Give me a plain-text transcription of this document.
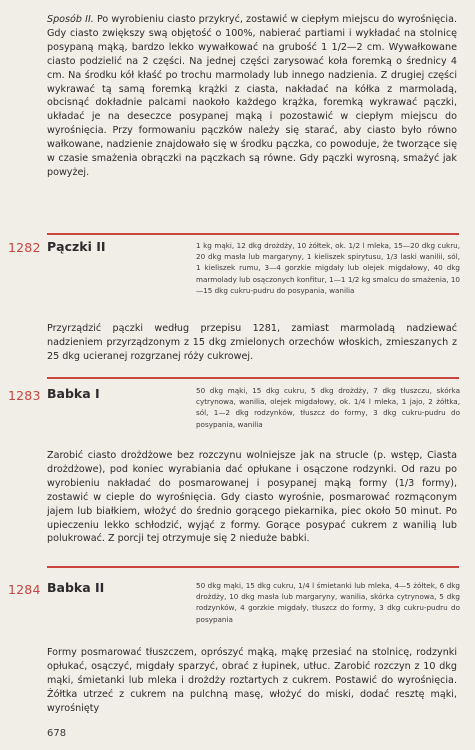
Sposób II. Po wyrobieniu ciasto przykryć, zostawić w ciepłym miejscu do wyrośnięcia. Gdy ciasto zwiększy swą objętość o 100%, nabierać partiami i wykładać na stolnicę posypaną mąką, bardzo lekko wywałkować na grubość 1 1/2—2 cm. Wywałkowane ciasto podzielić na 2 części. Na jednej części zarysować koła foremką o średnicy 4 cm. Na środku kół kłaść po trochu marmolady lub innego nadzienia. Z drugiej części wykrawać tą samą foremką krążki z ciasta, nakładać na kółka z marmoladą, obcisnąć dokładnie palcami naokoło każdego krążka, foremką wykrawać pączki, układać je na deseczce posypanej mąką i pozostawić w ciepłym miejscu do wyrośnięcia. Przy formowaniu pączków należy się starać, aby ciasto było równo wałkowane, nadzienie znajdowało się w środku pączka, co powoduje, że tworzące się w czasie smażenia obrączki na pączkach są równe. Gdy pączki wyrosną, smażyć jak powyżej.

1282 Pączki II	1 kg mąki, 12 dkg drożdży, 10 żółtek, ok. 1/2 l mleka, 15—20 dkg cukru, 20 dkg masła lub margaryny, 1 kieliszek spirytusu, 1/3 laski wanilii, sól, 1 kieliszek rumu, 3—4 gorzkie migdały lub olejek migdałowy, 40 dkg marmolady lub osączonych konfitur, 1—1 1/2 kg smalcu do smażenia, 10—15 dkg cukru-pudru do posypania, wanilia

Przyrządzić pączki według przepisu 1281, zamiast marmoladą nadziewać nadzieniem przyrządzonym z 15 dkg zmielonych orzechów włoskich, zmieszanych z 25 dkg ucieranej rozgrzanej róży cukrowej.

1283 Babka I	50 dkg mąki, 15 dkg cukru, 5 dkg drożdży, 7 dkg tłuszczu, skórka cytrynowa, wanilia, olejek migdałowy, ok. 1/4 l mleka, 1 jajo, 2 żółtka, sól, 1—2 dkg rodzynków, tłuszcz do formy, 3 dkg cukru-pudru do posypania, wanilia

Zarobić ciasto drożdżowe bez rozczynu wolniejsze jak na strucle (p. wstęp, Ciasta drożdżowe), pod koniec wyrabiania dać opłukane i osączone rodzynki. Od razu po wyrobieniu nakładać do posmarowanej i posypanej mąką formy (1/3 formy), zostawić w cieple do wyrośnięcia. Gdy ciasto wyrośnie, posmarować rozmąconym jajem lub białkiem, włożyć do średnio gorącego piekarnika, piec około 50 minut. Po upieczeniu lekko schłodzić, wyjąć z formy. Gorące posypać cukrem z wanilią lub polukrować. Z porcji tej otrzymuje się 2 nieduże babki.

1284 Babka II	50 dkg mąki, 15 dkg cukru, 1/4 l śmietanki lub mleka, 4—5 żółtek, 6 dkg drożdży, 10 dkg masła lub margaryny, wanilia, skórka cytrynowa, 5 dkg rodzynków, 4 gorzkie migdały, tłuszcz do formy, 3 dkg cukru-pudru do posypania

Formy posmarować tłuszczem, oprószyć mąką, mąkę przesiać na stolnicę, rodzynki opłukać, osączyć, migdały sparzyć, obrać z łupinek, utłuc. Zarobić rozczyn z 10 dkg mąki, śmietanki lub mleka i drożdży roztartych z cukrem. Postawić do wyrośnięcia. Żółtka utrzeć z cukrem na pulchną masę, włożyć do miski, dodać resztę mąki, wyrośnięty

678
